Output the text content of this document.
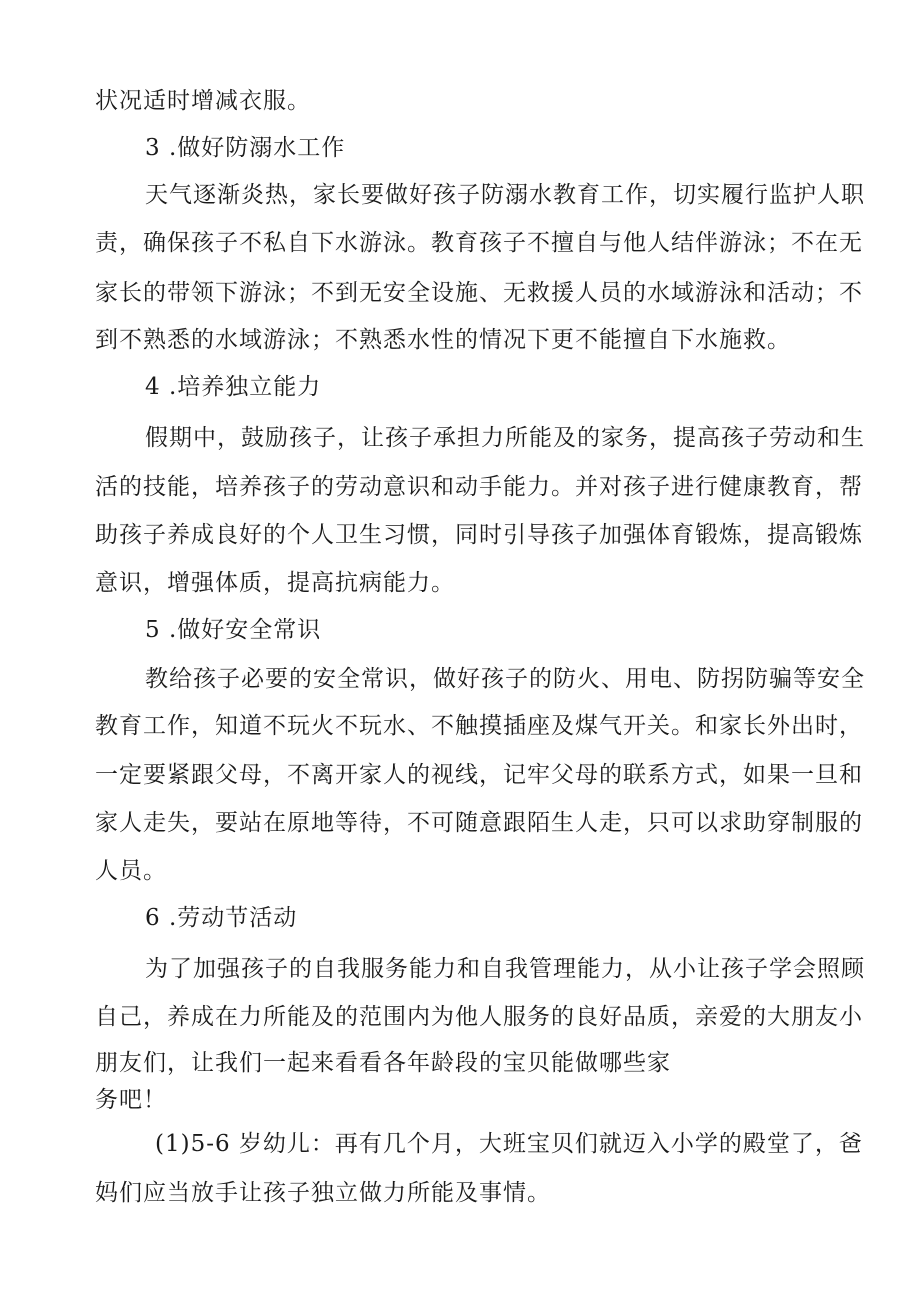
状况适时增减衣服。
3 .做好防溺水工作
天气逐渐炎热，家长要做好孩子防溺水教育工作，切实履行监护人职
责，确保孩子不私自下水游泳。教育孩子不擅自与他人结伴游泳；不在无
家长的带领下游泳；不到无安全设施、无救援人员的水域游泳和活动；不
到不熟悉的水域游泳；不熟悉水性的情况下更不能擅自下水施救。
4 .培养独立能力
假期中，鼓励孩子，让孩子承担力所能及的家务，提高孩子劳动和生
活的技能，培养孩子的劳动意识和动手能力。并对孩子进行健康教育，帮
助孩子养成良好的个人卫生习惯，同时引导孩子加强体育锻炼，提高锻炼
意识，增强体质，提高抗病能力。
5 .做好安全常识
教给孩子必要的安全常识，做好孩子的防火、用电、防拐防骗等安全
教育工作，知道不玩火不玩水、不触摸插座及煤气开关。和家长外出时，
一定要紧跟父母，不离开家人的视线，记牢父母的联系方式，如果一旦和
家人走失，要站在原地等待，不可随意跟陌生人走，只可以求助穿制服的
人员。
6 .劳动节活动
为了加强孩子的自我服务能力和自我管理能力，从小让孩子学会照顾
自己，养成在力所能及的范围内为他人服务的良好品质，亲爱的大朋友小
朋友们，让我们一起来看看各年龄段的宝贝能做哪些家
务吧！
(1)5-6 岁幼儿：再有几个月，大班宝贝们就迈入小学的殿堂了，爸
妈们应当放手让孩子独立做力所能及事情。
